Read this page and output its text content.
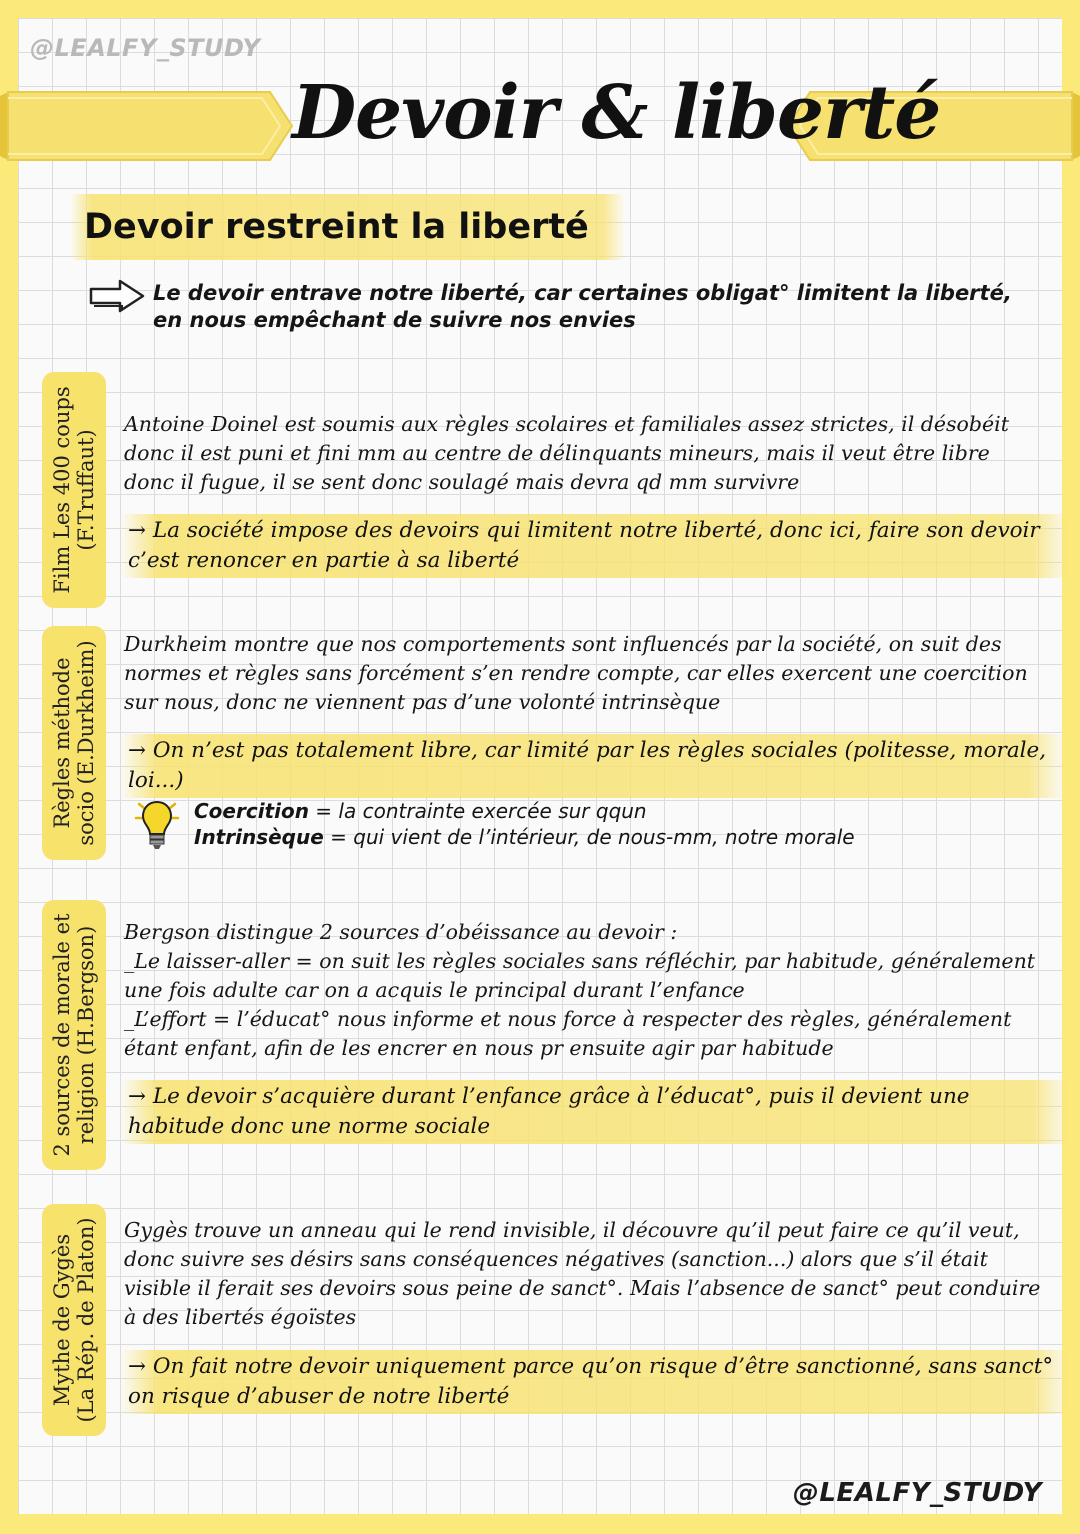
@LEALFY_STUDY
Devoir & liberté
Devoir restreint la liberté
Le devoir entrave notre liberté, car certaines obligat° limitent la liberté, en nous empêchant de suivre nos envies
Film Les 400 coups (F.Truffaut)
Antoine Doinel est soumis aux règles scolaires et familiales assez strictes, il désobéit donc il est puni et fini mm au centre de délinquants mineurs, mais il veut être libre donc il fugue, il se sent donc soulagé mais devra qd mm survivre
→ La société impose des devoirs qui limitent notre liberté, donc ici, faire son devoir c’est renoncer en partie à sa liberté
Règles méthode socio (E.Durkheim) Durkheim montre que nos comportements sont influencés par la société, on suit des normes et règles sans forcément s’en rendre compte, car elles exercent une coercition sur nous, donc ne viennent pas d’une volonté intrinsèque
→ On n’est pas totalement libre, car limité par les règles sociales (politesse, morale, loi...)
Coercition = la contrainte exercée sur qqun
Intrinsèque = qui vient de l’intérieur, de nous-mm, notre morale
2 sources de morale et religion (H.Bergson) Bergson distingue 2 sources d’obéissance au devoir :
_Le laisser-aller = on suit les règles sociales sans réfléchir, par habitude, généralement une fois adulte car on a acquis le principal durant l’enfance
_L’effort = l’éducat° nous informe et nous force à respecter des règles, généralement étant enfant, afin de les encrer en nous pr ensuite agir par habitude
→ Le devoir s’acquière durant l’enfance grâce à l’éducat°, puis il devient une habitude donc une norme sociale
Mythe de Gygès (La Rép. de Platon) Gygès trouve un anneau qui le rend invisible, il découvre qu’il peut faire ce qu’il veut, donc suivre ses désirs sans conséquences négatives (sanction...) alors que s’il était visible il ferait ses devoirs sous peine de sanct°. Mais l’absence de sanct° peut conduire à des libertés égoïstes
→ On fait notre devoir uniquement parce qu’on risque d’être sanctionné, sans sanct° on risque d’abuser de notre liberté
@LEALFY_STUDY
